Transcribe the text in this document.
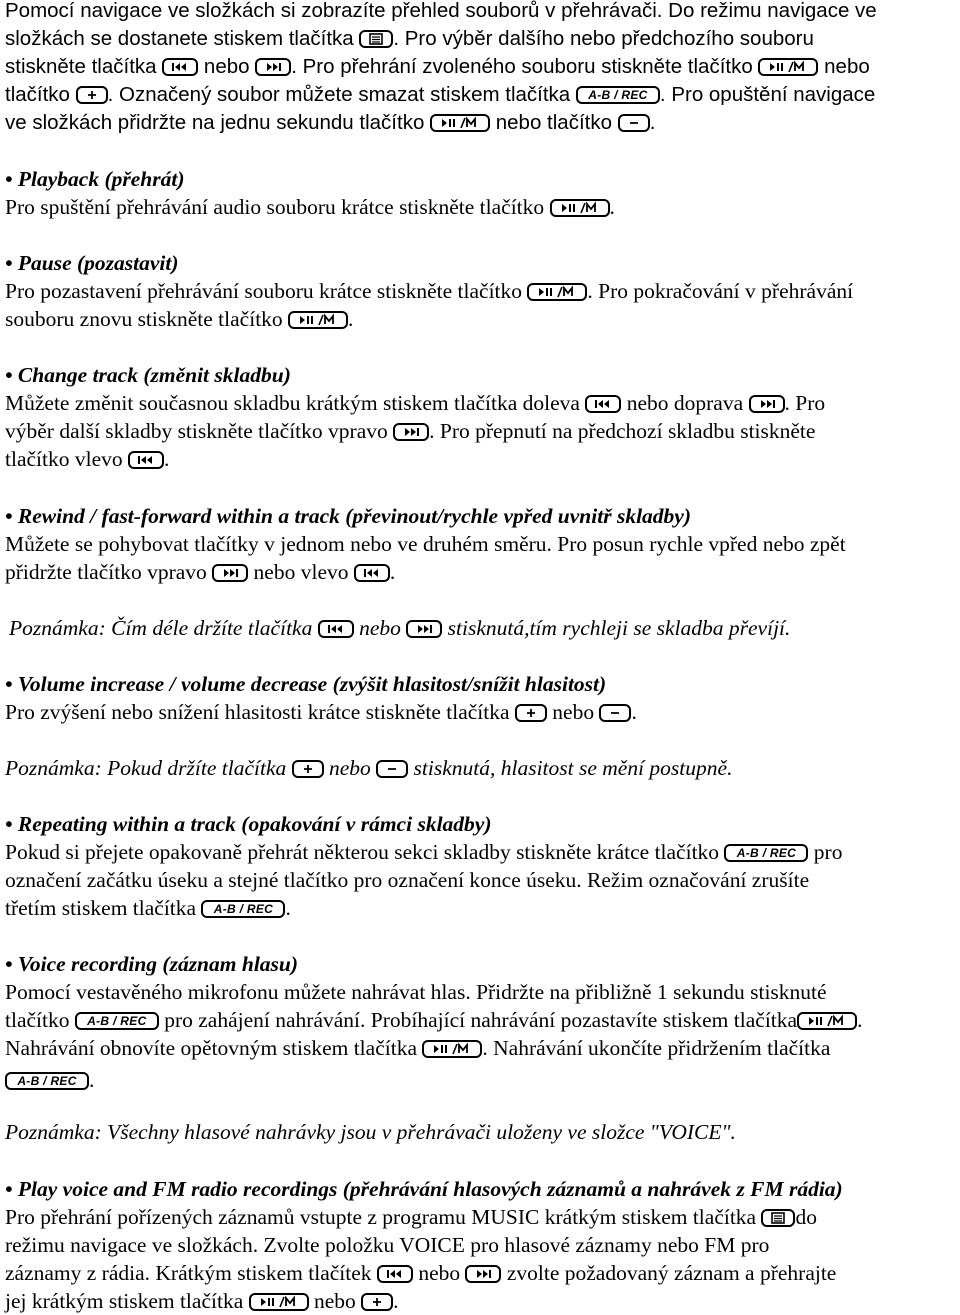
Pomocí navigace ve složkách si zobrazíte přehled souborů v přehrávači. Do režimu navigace ve
složkách se dostanete stiskem tlačítka
. Pro výběr dalšího nebo předchozího souboru
stiskněte tlačítka
nebo
. Pro přehrání zvoleného souboru stiskněte tlačítko	nebo
tlačítko
. Označený soubor můžete smazat stiskem tlačítka	A-B / REC . Pro opuštění navigace
ve složkách přidržte na jednu sekundu tlačítko	nebo tlačítko
.
• Playback (přehrát)
Pro spuštění přehrávání audio souboru krátce stiskněte tlačítko	.
• Pause (pozastavit)
Pro pozastavení přehrávání souboru krátce stiskněte tlačítko	. Pro pokračování v přehrávání
souboru znovu stiskněte tlačítko	.
• Change track (změnit skladbu)
Můžete změnit současnou skladbu krátkým stiskem tlačítka doleva
nebo doprava
. Pro
výběr další skladby stiskněte tlačítko vpravo
. Pro přepnutí na předchozí skladbu stiskněte
tlačítko vlevo
.
• Rewind / fast-forward within a track (převinout/rychle vpřed uvnitř skladby)
Můžete se pohybovat tlačítky v jednom nebo ve druhém směru. Pro posun rychle vpřed nebo zpět
přidržte tlačítko vpravo
nebo vlevo
.
Poznámka: Čím déle držíte tlačítka
nebo
stisknutá,tím rychleji se skladba převíjí.
• Volume increase / volume decrease (zvýšit hlasitost/snížit hlasitost)
Pro zvýšení nebo snížení hlasitosti krátce stiskněte tlačítka
nebo
.
Poznámka: Pokud držíte tlačítka
nebo
stisknutá, hlasitost se mění postupně.
• Repeating within a track (opakování v rámci skladby)
Pokud si přejete opakovaně přehrát některou sekci skladby stiskněte krátce tlačítko	A-B / REC pro
označení začátku úseku a stejné tlačítko pro označení konce úseku. Režim označování zrušíte
třetím stiskem tlačítka	A-B / REC .
• Voice recording (záznam hlasu)
Pomocí vestavěného mikrofonu můžete nahrávat hlas. Přidržte na přibližně 1 sekundu stisknuté
tlačítko	A-B / REC pro zahájení nahrávání. Probíhající nahrávání pozastavíte stiskem tlačítka	.
Nahrávání obnovíte opětovným stiskem tlačítka	. Nahrávání ukončíte přidržením tlačítka
A-B / REC .
Poznámka: Všechny hlasové nahrávky jsou v přehrávači uloženy ve složce "VOICE".
• Play voice and FM radio recordings (přehrávání hlasových záznamů a nahrávek z FM rádia)
Pro přehrání pořízených záznamů vstupte z programu MUSIC krátkým stiskem tlačítka
do
režimu navigace ve složkách. Zvolte položku VOICE pro hlasové záznamy nebo FM pro
záznamy z rádia. Krátkým stiskem tlačítek
nebo
zvolte požadovaný záznam a přehrajte
jej krátkým stiskem tlačítka	nebo
.
